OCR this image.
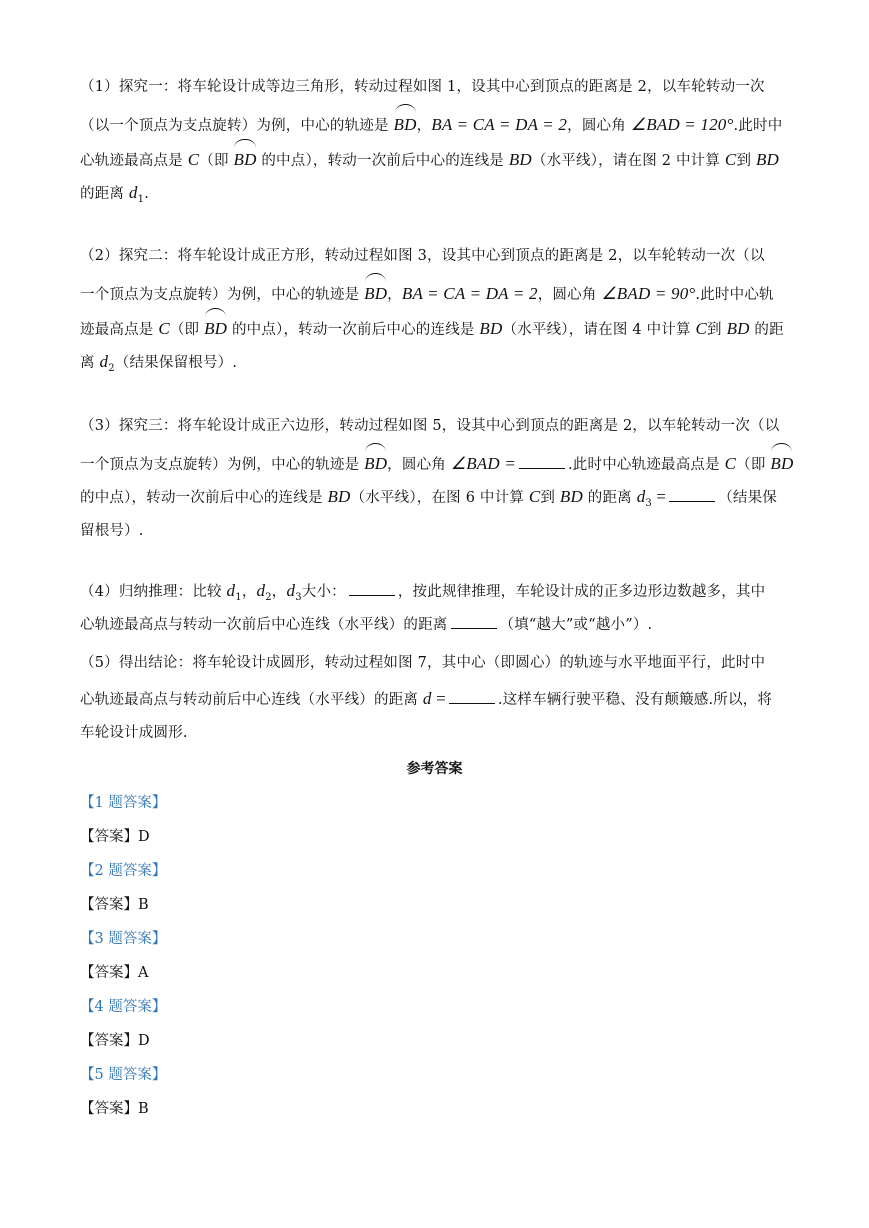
（1）探究一：将车轮设计成等边三角形，转动过程如图 1，设其中心到顶点的距离是 2，以车轮转动一次
（以一个顶点为支点旋转）为例，中心的轨迹是 BD，BA = CA = DA = 2，圆心角 ∠BAD = 120°.此时中
心轨迹最高点是 C（即 BD 的中点），转动一次前后中心的连线是 BD（水平线），请在图 2 中计算 C到 BD
的距离 $d_1$.
（2）探究二：将车轮设计成正方形，转动过程如图 3，设其中心到顶点的距离是 2，以车轮转动一次（以
一个顶点为支点旋转）为例，中心的轨迹是 BD，BA = CA = DA = 2，圆心角 ∠BAD = 90°.此时中心轨
迹最高点是 C（即 BD 的中点），转动一次前后中心的连线是 BD（水平线），请在图 4 中计算 C到 BD 的距
离 $d_2$（结果保留根号）.
（3）探究三：将车轮设计成正六边形，转动过程如图 5，设其中心到顶点的距离是 2，以车轮转动一次（以
一个顶点为支点旋转）为例，中心的轨迹是 BD，圆心角 ∠BAD =	.此时中心轨迹最高点是 C（即 BD
的中点），转动一次前后中心的连线是 BD（水平线），在图 6 中计算 C到 BD 的距离 $d_3$ =	（结果保
留根号）.
（4）归纳推理：比较 $d_1$，$d_2$，$d_3$大小：	，按此规律推理，车轮设计成的正多边形边数越多，其中
心轨迹最高点与转动一次前后中心连线（水平线）的距离	（填“越大”或“越小”）.
（5）得出结论：将车轮设计成圆形，转动过程如图 7，其中心（即圆心）的轨迹与水平地面平行，此时中
心轨迹最高点与转动前后中心连线（水平线）的距离 d =	.这样车辆行驶平稳、没有颠簸感.所以，将
车轮设计成圆形.
参考答案
【1 题答案】
【答案】D
【2 题答案】
【答案】B
【3 题答案】
【答案】A
【4 题答案】
【答案】D
【5 题答案】
【答案】B
